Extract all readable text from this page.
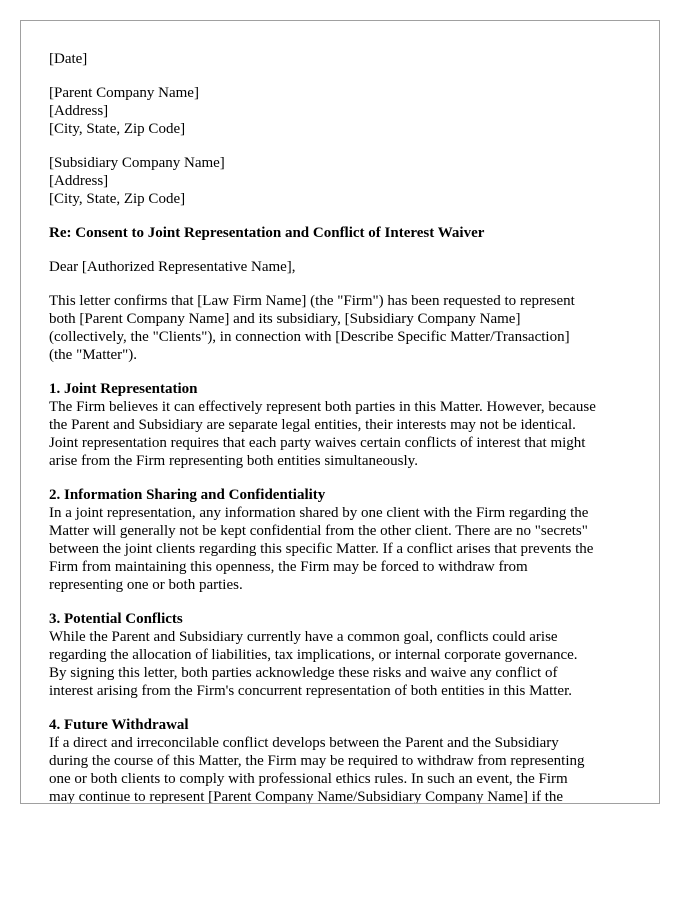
[Date]
[Parent Company Name]
[Address]
[City, State, Zip Code]
[Subsidiary Company Name]
[Address]
[City, State, Zip Code]
Re: Consent to Joint Representation and Conflict of Interest Waiver
Dear [Authorized Representative Name],
This letter confirms that [Law Firm Name] (the "Firm") has been requested to represent
both [Parent Company Name] and its subsidiary, [Subsidiary Company Name]
(collectively, the "Clients"), in connection with [Describe Specific Matter/Transaction]
(the "Matter").
1. Joint Representation
The Firm believes it can effectively represent both parties in this Matter. However, because
the Parent and Subsidiary are separate legal entities, their interests may not be identical.
Joint representation requires that each party waives certain conflicts of interest that might
arise from the Firm representing both entities simultaneously.
2. Information Sharing and Confidentiality
In a joint representation, any information shared by one client with the Firm regarding the
Matter will generally not be kept confidential from the other client. There are no "secrets"
between the joint clients regarding this specific Matter. If a conflict arises that prevents the
Firm from maintaining this openness, the Firm may be forced to withdraw from
representing one or both parties.
3. Potential Conflicts
While the Parent and Subsidiary currently have a common goal, conflicts could arise
regarding the allocation of liabilities, tax implications, or internal corporate governance.
By signing this letter, both parties acknowledge these risks and waive any conflict of
interest arising from the Firm's concurrent representation of both entities in this Matter.
4. Future Withdrawal
If a direct and irreconcilable conflict develops between the Parent and the Subsidiary
during the course of this Matter, the Firm may be required to withdraw from representing
one or both clients to comply with professional ethics rules. In such an event, the Firm
may continue to represent [Parent Company Name/Subsidiary Company Name] if the
